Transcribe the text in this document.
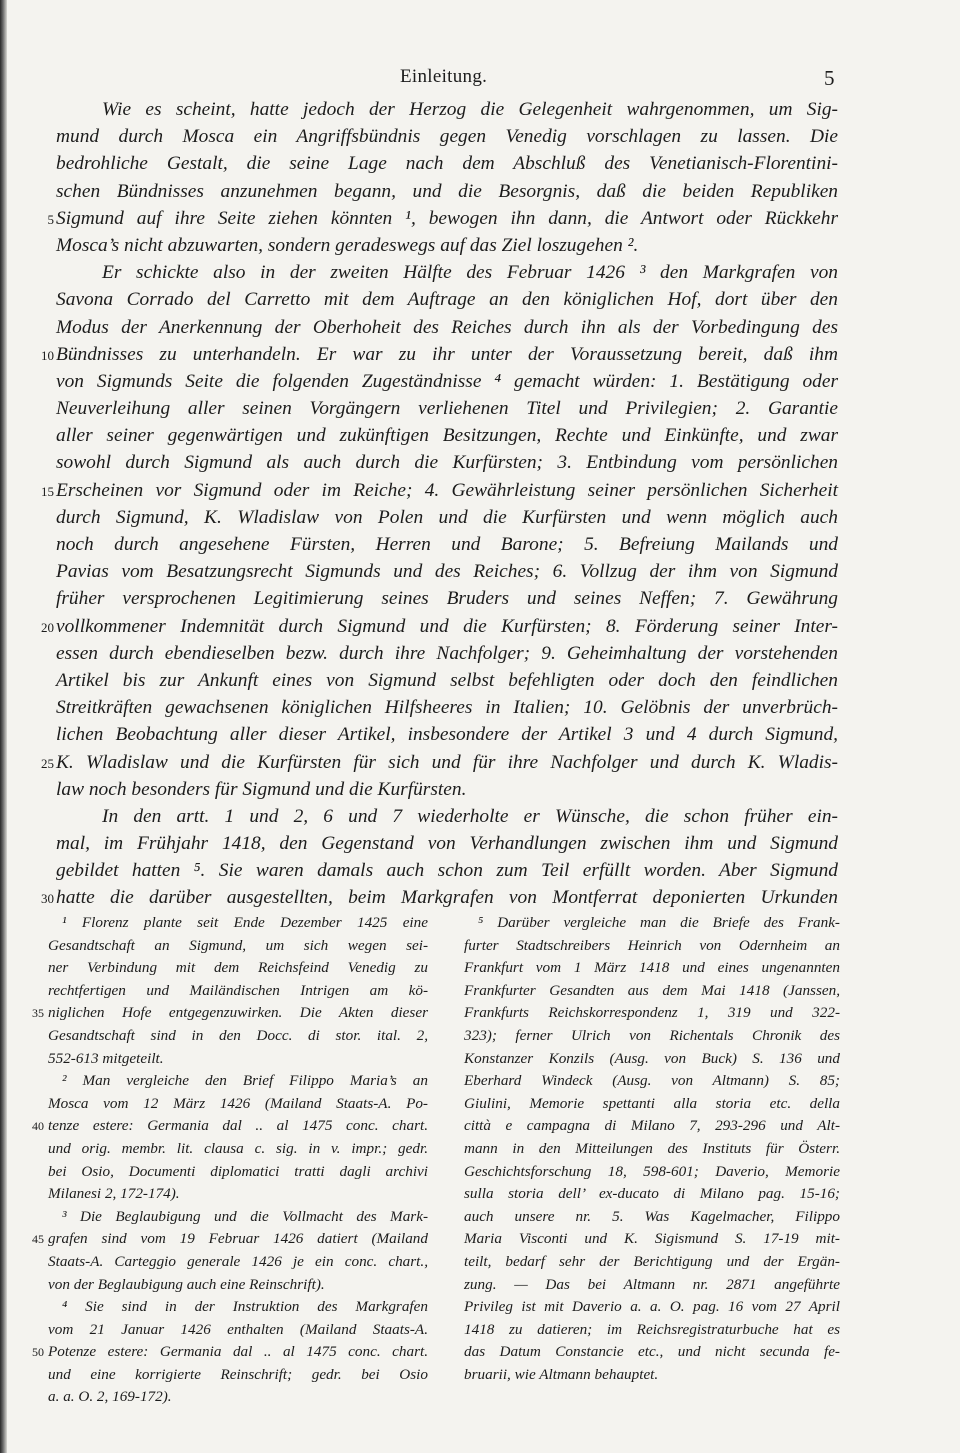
Einleitung.	5
Wie es scheint, hatte jedoch der Herzog die Gelegenheit wahrgenommen, um Sig-
mund durch Mosca ein Angriffsbündnis gegen Venedig vorschlagen zu lassen. Die
bedrohliche Gestalt, die seine Lage nach dem Abschluß des Venetianisch-Florentini-
schen Bündnisses anzunehmen begann, und die Besorgnis, daß die beiden Republiken
5 Sigmund auf ihre Seite ziehen könnten ¹, bewogen ihn dann, die Antwort oder Rückkehr
Mosca’s nicht abzuwarten, sondern geradeswegs auf das Ziel loszugehen ².
Er schickte also in der zweiten Hälfte des Februar 1426 ³ den Markgrafen von
Savona Corrado del Carretto mit dem Auftrage an den königlichen Hof, dort über den
Modus der Anerkennung der Oberhoheit des Reiches durch ihn als der Vorbedingung des
10 Bündnisses zu unterhandeln. Er war zu ihr unter der Voraussetzung bereit, daß ihm
von Sigmunds Seite die folgenden Zugeständnisse ⁴ gemacht würden: 1. Bestätigung oder
Neuverleihung aller seinen Vorgängern verliehenen Titel und Privilegien; 2. Garantie
aller seiner gegenwärtigen und zukünftigen Besitzungen, Rechte und Einkünfte, und zwar
sowohl durch Sigmund als auch durch die Kurfürsten; 3. Entbindung vom persönlichen
15 Erscheinen vor Sigmund oder im Reiche; 4. Gewährleistung seiner persönlichen Sicherheit
durch Sigmund, K. Wladislaw von Polen und die Kurfürsten und wenn möglich auch
noch durch angesehene Fürsten, Herren und Barone; 5. Befreiung Mailands und
Pavias vom Besatzungsrecht Sigmunds und des Reiches; 6. Vollzug der ihm von Sigmund
früher versprochenen Legitimierung seines Bruders und seines Neffen; 7. Gewährung
20 vollkommener Indemnität durch Sigmund und die Kurfürsten; 8. Förderung seiner Inter-
essen durch ebendieselben bezw. durch ihre Nachfolger; 9. Geheimhaltung der vorstehenden
Artikel bis zur Ankunft eines von Sigmund selbst befehligten oder doch den feindlichen
Streitkräften gewachsenen königlichen Hilfsheeres in Italien; 10. Gelöbnis der unverbrüch-
lichen Beobachtung aller dieser Artikel, insbesondere der Artikel 3 und 4 durch Sigmund,
25 K. Wladislaw und die Kurfürsten für sich und für ihre Nachfolger und durch K. Wladis-
law noch besonders für Sigmund und die Kurfürsten.
In den artt. 1 und 2, 6 und 7 wiederholte er Wünsche, die schon früher ein-
mal, im Frühjahr 1418, den Gegenstand von Verhandlungen zwischen ihm und Sigmund
gebildet hatten ⁵. Sie waren damals auch schon zum Teil erfüllt worden. Aber Sigmund
30 hatte die darüber ausgestellten, beim Markgrafen von Montferrat deponierten Urkunden
¹ Florenz plante seit Ende Dezember 1425 eine
Gesandtschaft an Sigmund, um sich wegen sei-
ner Verbindung mit dem Reichsfeind Venedig zu
rechtfertigen und Mailändischen Intrigen am kö-
35 niglichen Hofe entgegenzuwirken. Die Akten dieser
Gesandtschaft sind in den Docc. di stor. ital. 2,
552-613 mitgeteilt.
² Man vergleiche den Brief Filippo Maria’s an
Mosca vom 12 März 1426 (Mailand Staats-A. Po-
40 tenze estere: Germania dal .. al 1475 conc. chart.
und orig. membr. lit. clausa c. sig. in v. impr.; gedr.
bei Osio, Documenti diplomatici tratti dagli archivi
Milanesi 2, 172-174).
³ Die Beglaubigung und die Vollmacht des Mark-
45 grafen sind vom 19 Februar 1426 datiert (Mailand
Staats-A. Carteggio generale 1426 je ein conc. chart.,
von der Beglaubigung auch eine Reinschrift).
⁴ Sie sind in der Instruktion des Markgrafen
vom 21 Januar 1426 enthalten (Mailand Staats-A.
50 Potenze estere: Germania dal .. al 1475 conc. chart.
und eine korrigierte Reinschrift; gedr. bei Osio
a. a. O. 2, 169-172).
⁵ Darüber vergleiche man die Briefe des Frank-
furter Stadtschreibers Heinrich von Odernheim an
Frankfurt vom 1 März 1418 und eines ungenannten
Frankfurter Gesandten aus dem Mai 1418 (Janssen,
Frankfurts Reichskorrespondenz 1, 319 und 322-
323); ferner Ulrich von Richentals Chronik des
Konstanzer Konzils (Ausg. von Buck) S. 136 und
Eberhard Windeck (Ausg. von Altmann) S. 85;
Giulini, Memorie spettanti alla storia etc. della
città e campagna di Milano 7, 293-296 und Alt-
mann in den Mitteilungen des Instituts für Österr.
Geschichtsforschung 18, 598-601; Daverio, Memorie
sulla storia dell’ ex-ducato di Milano pag. 15-16;
auch unsere nr. 5. Was Kagelmacher, Filippo
Maria Visconti und K. Sigismund S. 17-19 mit-
teilt, bedarf sehr der Berichtigung und der Ergän-
zung. — Das bei Altmann nr. 2871 angeführte
Privileg ist mit Daverio a. a. O. pag. 16 vom 27 April
1418 zu datieren; im Reichsregistraturbuche hat es
das Datum Constancie etc., und nicht secunda fe-
bruarii, wie Altmann behauptet.
